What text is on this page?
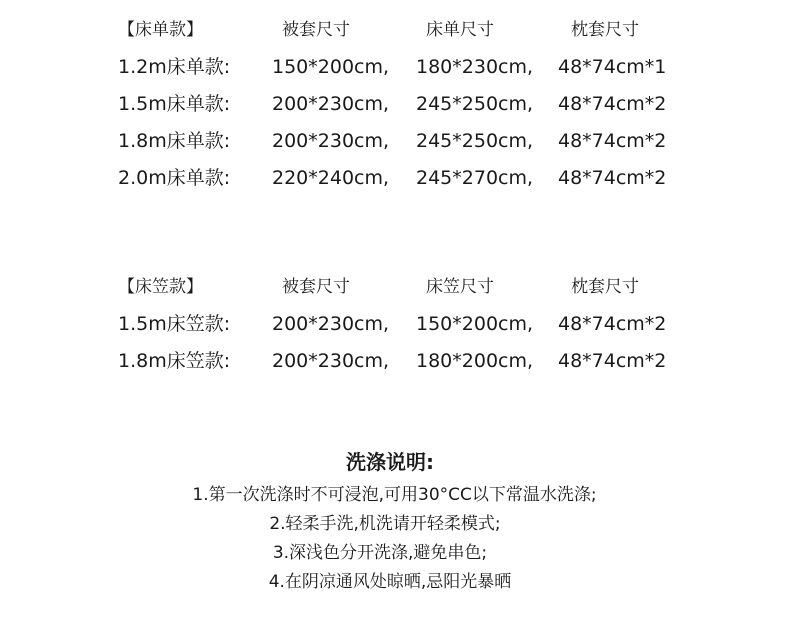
【床单款】	被套尺寸	床单尺寸	枕套尺寸
1.2m床单款: 150*200cm, 180*230cm, 48*74cm*1
1.5m床单款: 200*230cm, 245*250cm, 48*74cm*2
1.8m床单款: 200*230cm, 245*250cm, 48*74cm*2
2.0m床单款: 220*240cm, 245*270cm, 48*74cm*2
【床笠款】	被套尺寸	床笠尺寸	枕套尺寸
1.5m床笠款: 200*230cm, 150*200cm, 48*74cm*2
1.8m床笠款: 200*230cm, 180*200cm, 48*74cm*2
洗涤说明:
1.第一次洗涤时不可浸泡,可用30°CC以下常温水洗涤;
2.轻柔手洗,机洗请开轻柔模式;
3.深浅色分开洗涤,避免串色;
4.在阴凉通风处晾晒,忌阳光暴晒
